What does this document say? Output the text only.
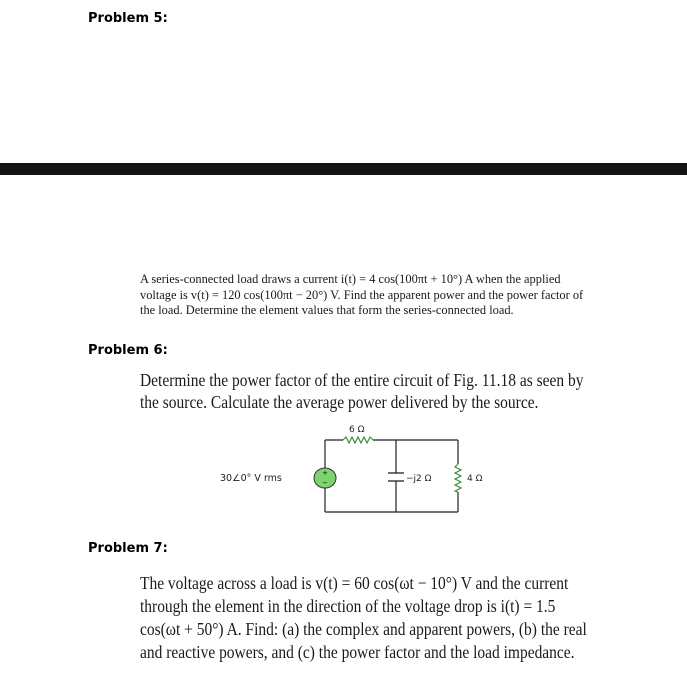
Problem 5:
A series-connected load draws a current i(t) = 4 cos(100πt + 10°) A when the applied voltage is v(t) = 120 cos(100πt − 20°) V. Find the apparent power and the power factor of the load. Determine the element values that form the series-connected load.
Problem 6:
Determine the power factor of the entire circuit of Fig. 11.18 as seen by the source. Calculate the average power delivered by the source.
+
−
30∠0° V rms
6 Ω
−j2 Ω	4 Ω
Problem 7:
The voltage across a load is v(t) = 60 cos(ωt − 10°) V and the current through the element in the direction of the voltage drop is i(t) = 1.5 cos(ωt + 50°) A. Find: (a) the complex and apparent powers, (b) the real and reactive powers, and (c) the power factor and the load impedance.
